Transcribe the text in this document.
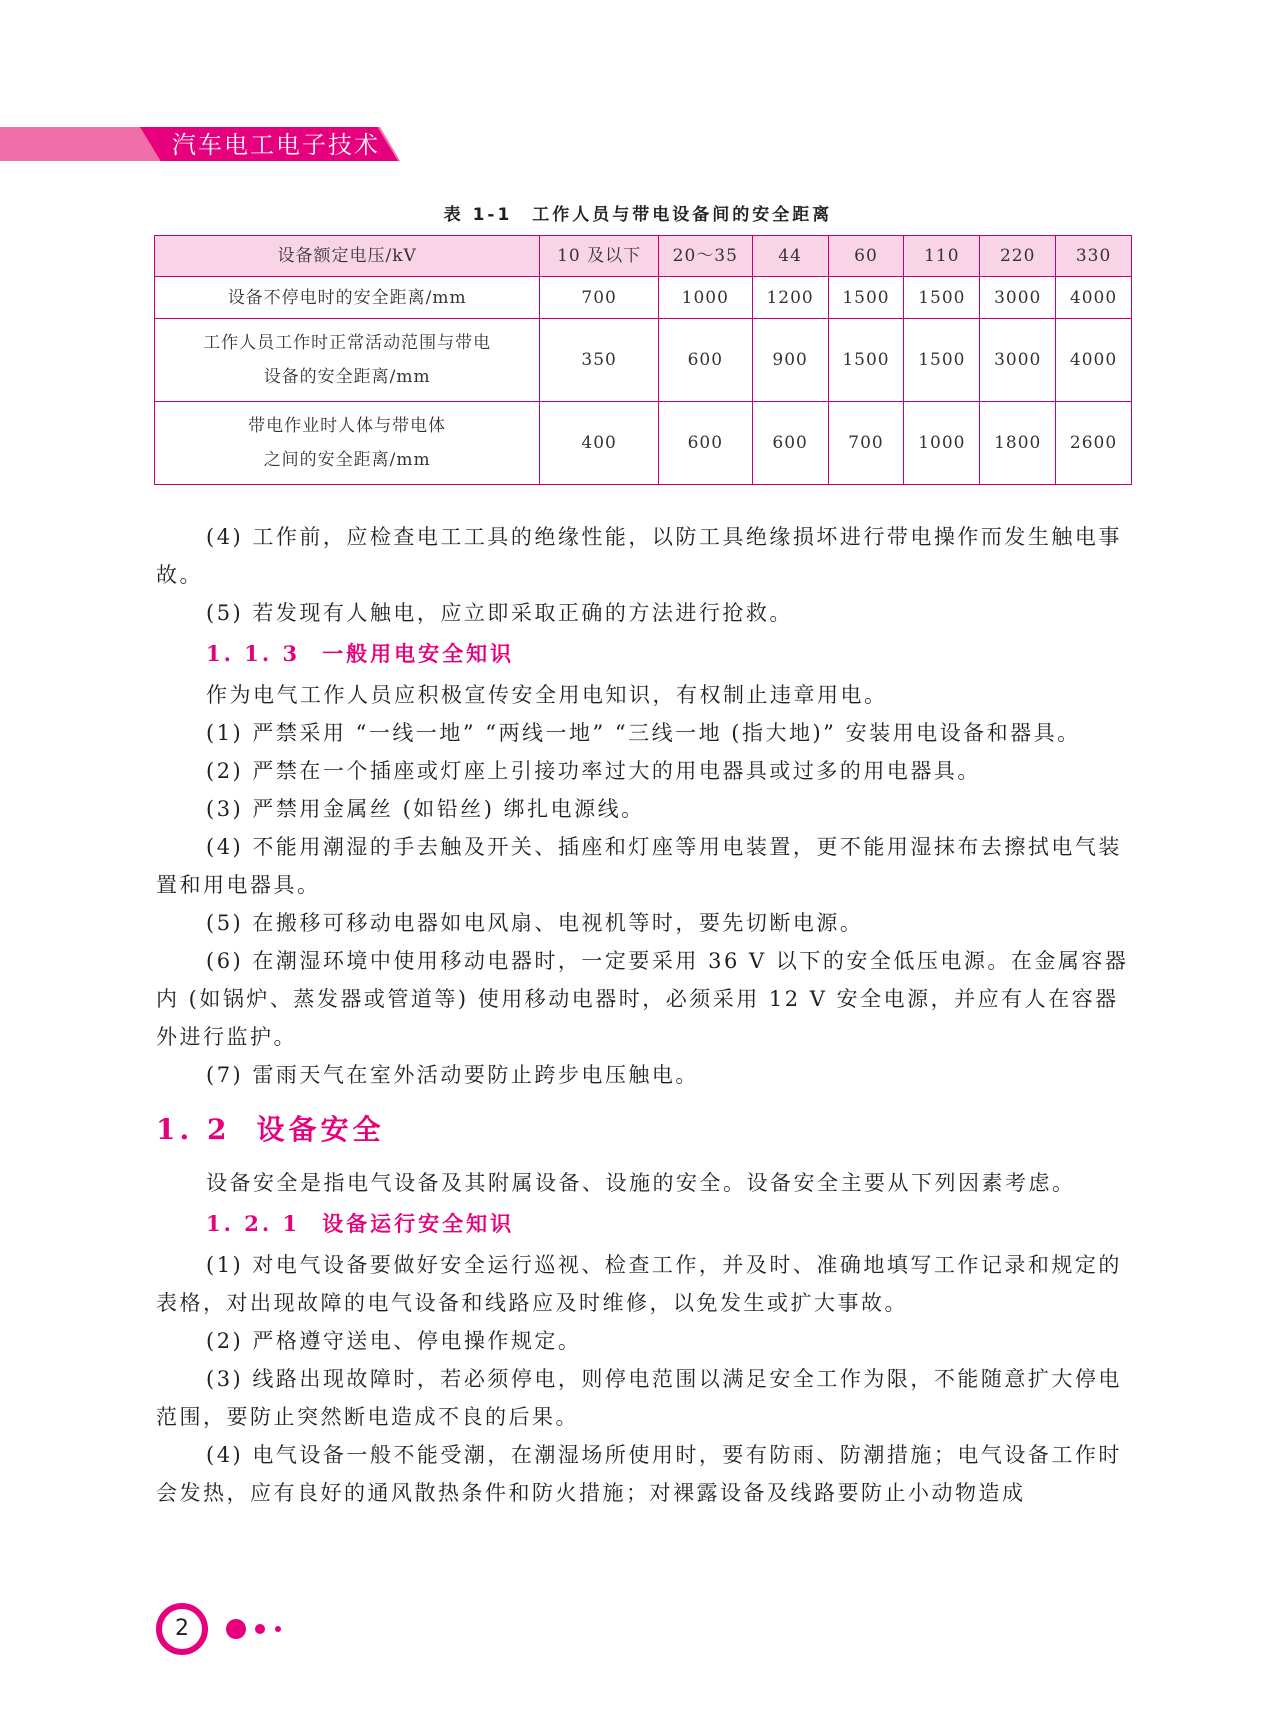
汽车电工电子技术
表 1-1　工作人员与带电设备间的安全距离
设备额定电压/kV	10 及以下	20～35	44	60	110	220	330
设备不停电时的安全距离/mm	700	1000	1200	1500	1500	3000	4000
工作人员工作时正常活动范围与带电
设备的安全距离/mm	350	600	900	1500	1500	3000	4000
带电作业时人体与带电体
之间的安全距离/mm	400	600	600	700	1000	1800	2600

(4) 工作前，应检查电工工具的绝缘性能，以防工具绝缘损坏进行带电操作而发生触电事故。

(5) 若发现有人触电，应立即采取正确的方法进行抢救。

1. 1. 3 一般用电安全知识

作为电气工作人员应积极宣传安全用电知识，有权制止违章用电。

(1) 严禁采用 “一线一地” “两线一地” “三线一地 (指大地)” 安装用电设备和器具。

(2) 严禁在一个插座或灯座上引接功率过大的用电器具或过多的用电器具。

(3) 严禁用金属丝 (如铅丝) 绑扎电源线。

(4) 不能用潮湿的手去触及开关、插座和灯座等用电装置，更不能用湿抹布去擦拭电气装置和用电器具。

(5) 在搬移可移动电器如电风扇、电视机等时，要先切断电源。

(6) 在潮湿环境中使用移动电器时，一定要采用 36 V 以下的安全低压电源。在金属容器内 (如锅炉、蒸发器或管道等) 使用移动电器时，必须采用 12 V 安全电源，并应有人在容器外进行监护。

(7) 雷雨天气在室外活动要防止跨步电压触电。

1. 2 设备安全

设备安全是指电气设备及其附属设备、设施的安全。设备安全主要从下列因素考虑。

1. 2. 1 设备运行安全知识

(1) 对电气设备要做好安全运行巡视、检查工作，并及时、准确地填写工作记录和规定的表格，对出现故障的电气设备和线路应及时维修，以免发生或扩大事故。

(2) 严格遵守送电、停电操作规定。

(3) 线路出现故障时，若必须停电，则停电范围以满足安全工作为限，不能随意扩大停电范围，要防止突然断电造成不良的后果。

(4) 电气设备一般不能受潮，在潮湿场所使用时，要有防雨、防潮措施；电气设备工作时会发热，应有良好的通风散热条件和防火措施；对裸露设备及线路要防止小动物造成

2
